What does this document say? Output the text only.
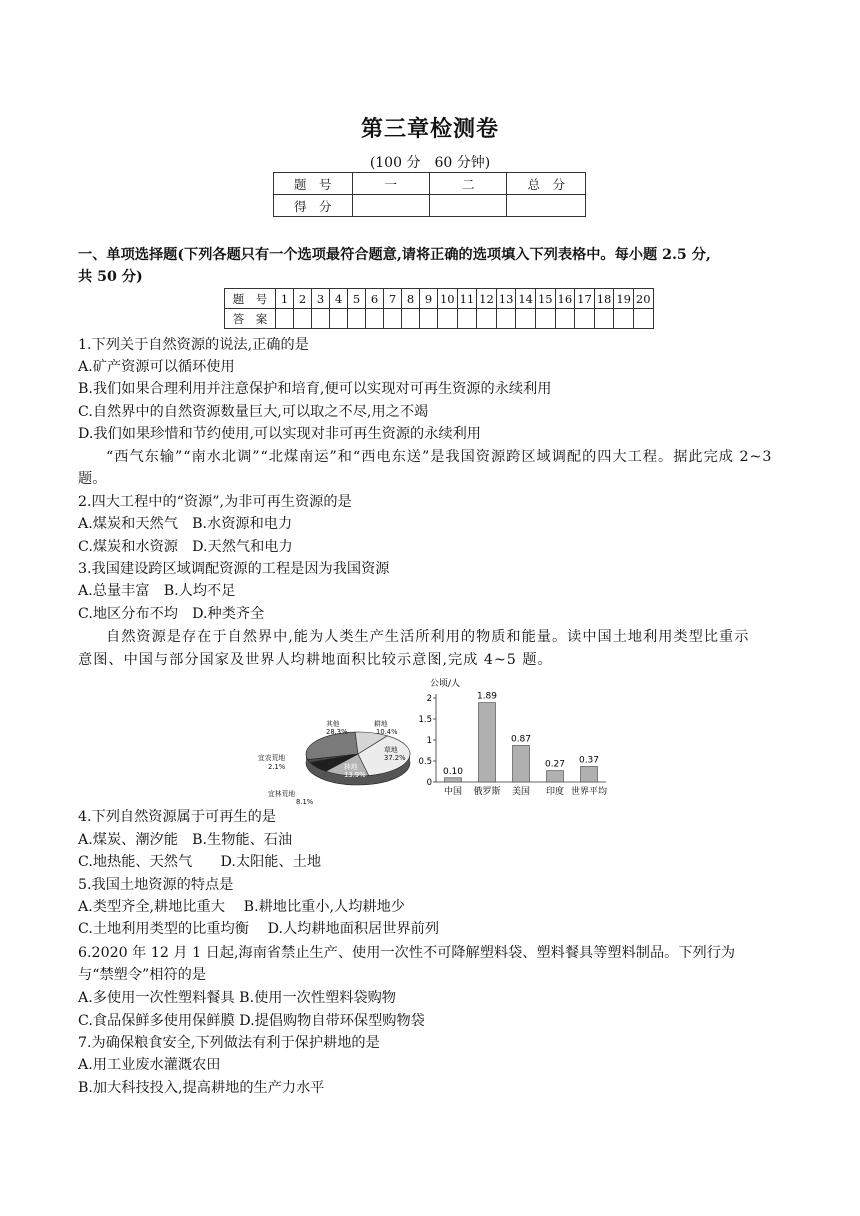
第三章检测卷
(100 分　60 分钟)
题　号	一	二	总　分
得　分			
一、单项选择题(下列各题只有一个选项最符合题意,请将正确的选项填入下列表格中。每小题 2.5 分,
共 50 分)
题　号	1	2	3	4	5	6	7	8	9	10	11	12	13	14	15	16	17	18	19	20
答　案																				
1.下列关于自然资源的说法,正确的是
A.矿产资源可以循环使用
B.我们如果合理利用并注意保护和培育,便可以实现对可再生资源的永续利用
C.自然界中的自然资源数量巨大,可以取之不尽,用之不竭
D.我们如果珍惜和节约使用,可以实现对非可再生资源的永续利用
“西气东输”“南水北调”“北煤南运”和“西电东送”是我国资源跨区域调配的四大工程。据此完成 2~3
题。
2.四大工程中的“资源”,为非可再生资源的是
A.煤炭和天然气　B.水资源和电力
C.煤炭和水资源　D.天然气和电力
3.我国建设跨区域调配资源的工程是因为我国资源
A.总量丰富　B.人均不足
C.地区分布不均　D.种类齐全
自然资源是存在于自然界中,能为人类生产生活所利用的物质和能量。读中国土地利用类型比重示
意图、中国与部分国家及世界人均耕地面积比较示意图,完成 4~5 题。
其他
28.3%
耕地
10.4%
草地
37.2%
林地
13.9%
宜林荒地
8.1%
宜农荒地
2.1%
公顷/人
0
0.5
1
1.5
2
0.10
中国
1.89
俄罗斯
0.87
美国
0.27
印度
0.37
世界平均
4.下列自然资源属于可再生的是
A.煤炭、潮汐能　B.生物能、石油
C.地热能、天然气　　D.太阳能、土地
5.我国土地资源的特点是
A.类型齐全,耕地比重大　 B.耕地比重小,人均耕地少
C.土地利用类型的比重均衡　 D.人均耕地面积居世界前列
6.2020 年 12 月 1 日起,海南省禁止生产、使用一次性不可降解塑料袋、塑料餐具等塑料制品。下列行为
与“禁塑令”相符的是
A.多使用一次性塑料餐具 B.使用一次性塑料袋购物
C.食品保鲜多使用保鲜膜 D.提倡购物自带环保型购物袋
7.为确保粮食安全,下列做法有利于保护耕地的是
A.用工业废水灌溉农田
B.加大科技投入,提高耕地的生产力水平
